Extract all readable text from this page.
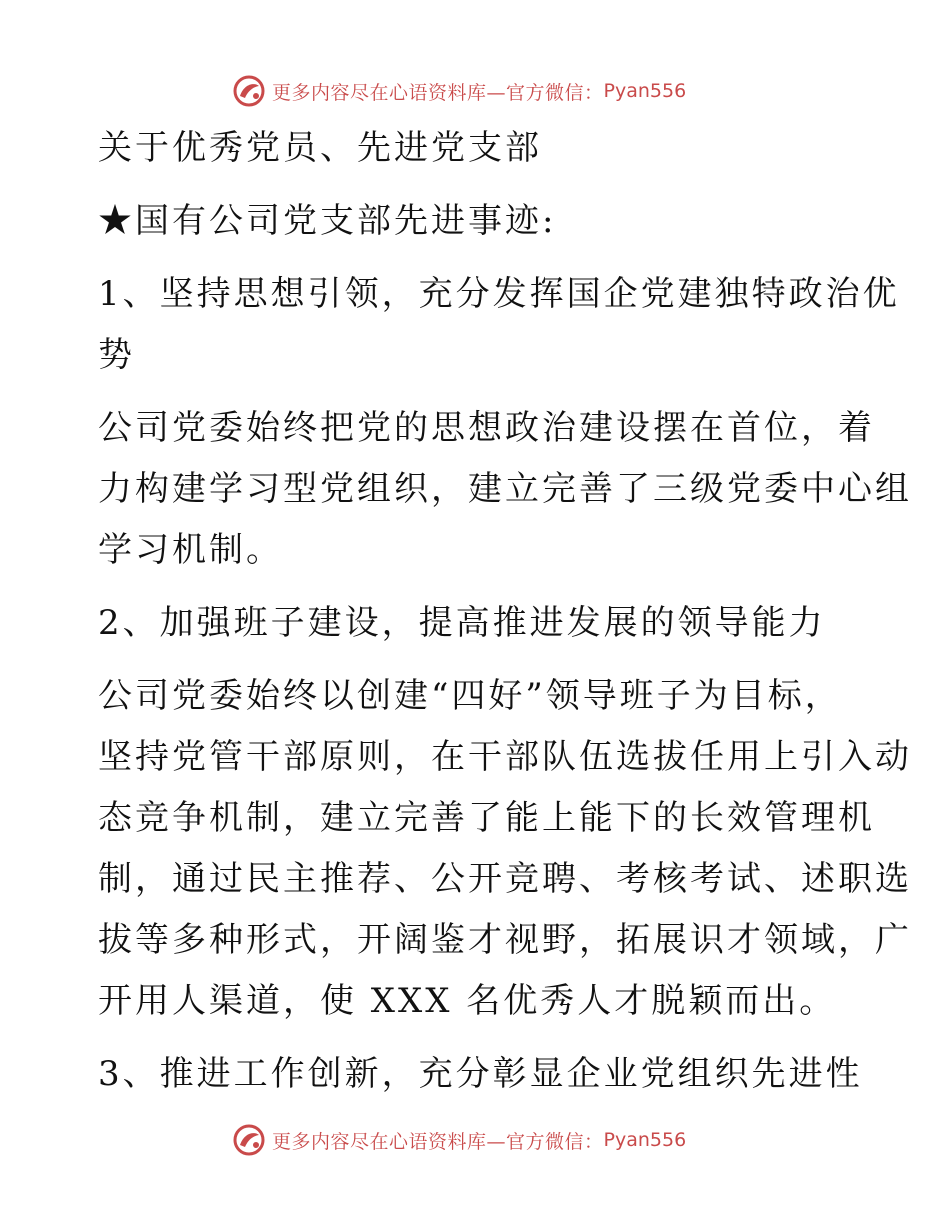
更多内容尽在心语资料库—官方微信： Pyan556

关于优秀党员、先进党支部

★国有公司党支部先进事迹:

1、坚持思想引领，充分发挥国企党建独特政治优

势

公司党委始终把党的思想政治建设摆在首位，着

力构建学习型党组织，建立完善了三级党委中心组

学习机制。

2、加强班子建设，提高推进发展的领导能力

公司党委始终以创建“四好”领导班子为目标，

坚持党管干部原则，在干部队伍选拔任用上引入动

态竞争机制，建立完善了能上能下的长效管理机

制，通过民主推荐、公开竞聘、考核考试、述职选

拔等多种形式，开阔鉴才视野，拓展识才领域，广

开用人渠道，使 XXX 名优秀人才脱颖而出。

3、推进工作创新，充分彰显企业党组织先进性

更多内容尽在心语资料库—官方微信： Pyan556
